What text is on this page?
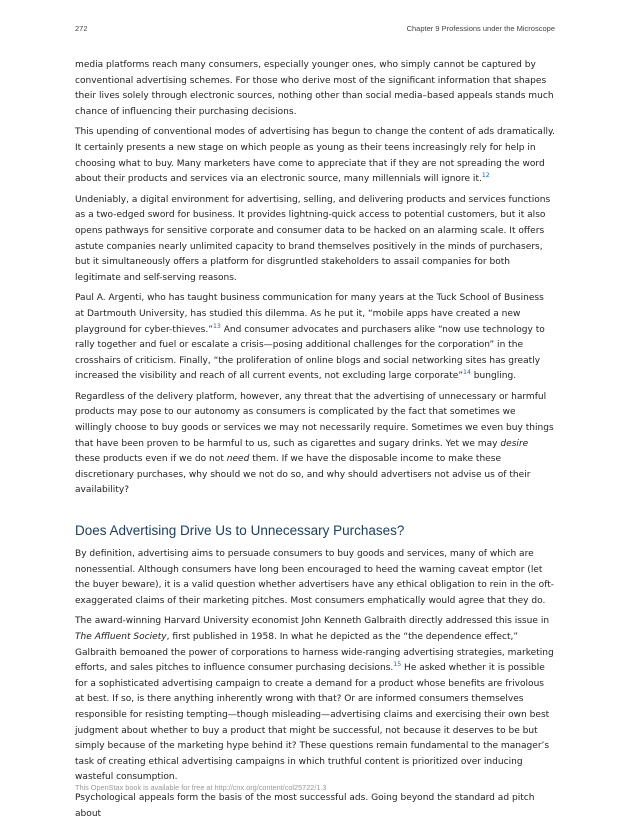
272	Chapter 9 Professions under the Microscope

media platforms reach many consumers, especially younger ones, who simply cannot be captured by conventional advertising schemes. For those who derive most of the significant information that shapes their lives solely through electronic sources, nothing other than social media–based appeals stands much chance of influencing their purchasing decisions.

This upending of conventional modes of advertising has begun to change the content of ads dramatically. It certainly presents a new stage on which people as young as their teens increasingly rely for help in choosing what to buy. Many marketers have come to appreciate that if they are not spreading the word about their products and services via an electronic source, many millennials will ignore it.$^{12}$

Undeniably, a digital environment for advertising, selling, and delivering products and services functions as a two-edged sword for business. It provides lightning-quick access to potential customers, but it also opens pathways for sensitive corporate and consumer data to be hacked on an alarming scale. It offers astute companies nearly unlimited capacity to brand themselves positively in the minds of purchasers, but it simultaneously offers a platform for disgruntled stakeholders to assail companies for both legitimate and self-serving reasons.

Paul A. Argenti, who has taught business communication for many years at the Tuck School of Business at Dartmouth University, has studied this dilemma. As he put it, “mobile apps have created a new playground for cyber-thieves.”$^{13}$ And consumer advocates and purchasers alike “now use technology to rally together and fuel or escalate a crisis—posing additional challenges for the corporation” in the crosshairs of criticism. Finally, “the proliferation of online blogs and social networking sites has greatly increased the visibility and reach of all current events, not excluding large corporate”$^{14}$ bungling.

Regardless of the delivery platform, however, any threat that the advertising of unnecessary or harmful products may pose to our autonomy as consumers is complicated by the fact that sometimes we willingly choose to buy goods or services we may not necessarily require. Sometimes we even buy things that have been proven to be harmful to us, such as cigarettes and sugary drinks. Yet we may desire these products even if we do not need them. If we have the disposable income to make these discretionary purchases, why should we not do so, and why should advertisers not advise us of their availability?

Does Advertising Drive Us to Unnecessary Purchases?

By definition, advertising aims to persuade consumers to buy goods and services, many of which are nonessential. Although consumers have long been encouraged to heed the warning caveat emptor (let the buyer beware), it is a valid question whether advertisers have any ethical obligation to rein in the oft-exaggerated claims of their marketing pitches. Most consumers emphatically would agree that they do.

The award-winning Harvard University economist John Kenneth Galbraith directly addressed this issue in The Affluent Society, first published in 1958. In what he depicted as the “the dependence effect,” Galbraith bemoaned the power of corporations to harness wide-ranging advertising strategies, marketing efforts, and sales pitches to influence consumer purchasing decisions.$^{15}$ He asked whether it is possible for a sophisticated advertising campaign to create a demand for a product whose benefits are frivolous at best. If so, is there anything inherently wrong with that? Or are informed consumers themselves responsible for resisting tempting—though misleading—advertising claims and exercising their own best judgment about whether to buy a product that might be successful, not because it deserves to be but simply because of the marketing hype behind it? These questions remain fundamental to the manager’s task of creating ethical advertising campaigns in which truthful content is prioritized over inducing wasteful consumption.

Psychological appeals form the basis of the most successful ads. Going beyond the standard ad pitch about

This OpenStax book is available for free at http://cnx.org/content/col25722/1.3
